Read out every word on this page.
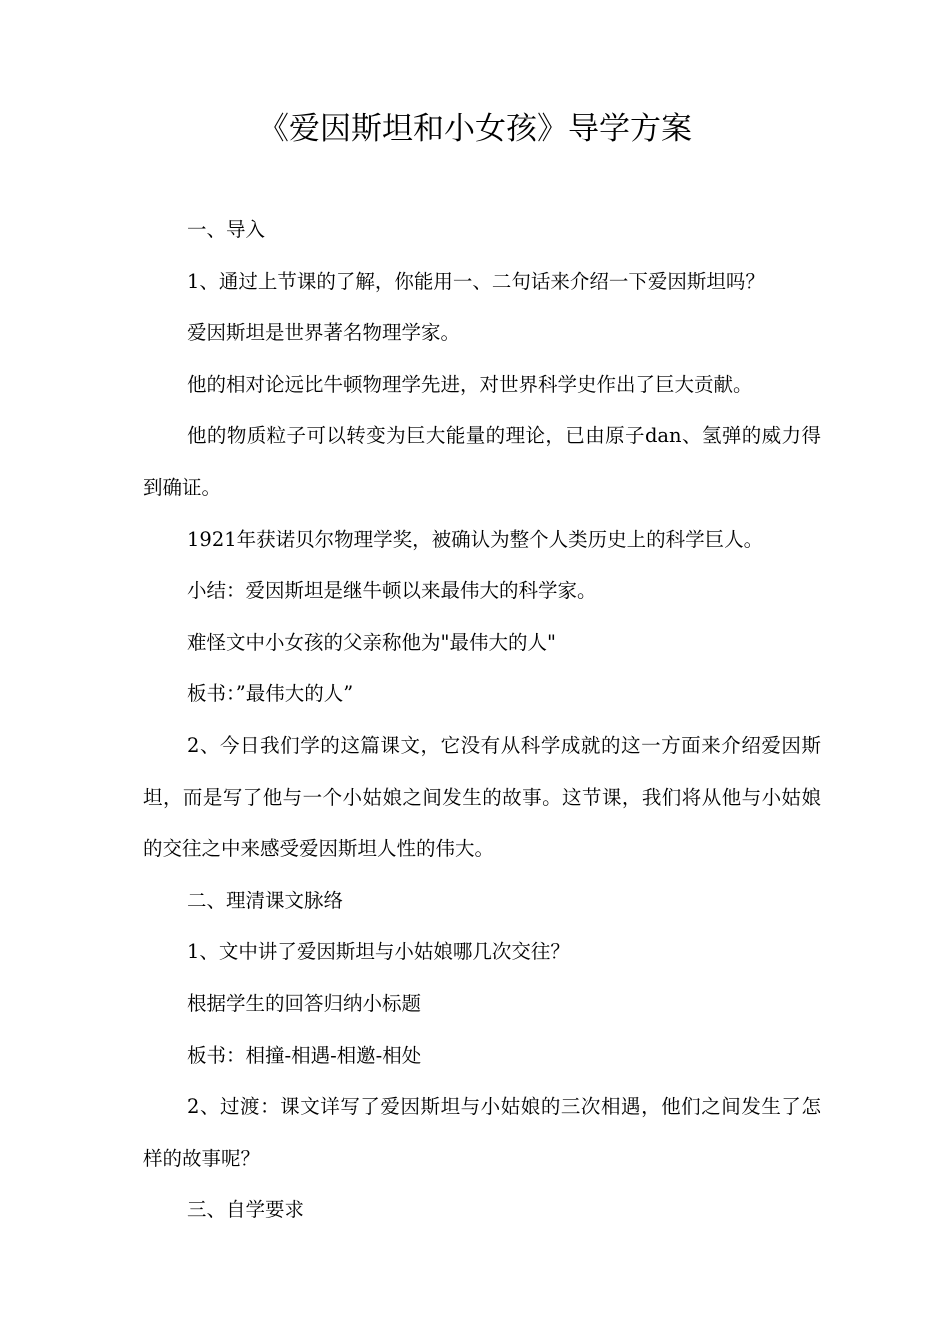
《爱因斯坦和小女孩》导学方案

一、导入

1、通过上节课的了解，你能用一、二句话来介绍一下爱因斯坦吗？

爱因斯坦是世界著名物理学家。

他的相对论远比牛顿物理学先进，对世界科学史作出了巨大贡献。

他的物质粒子可以转变为巨大能量的理论，已由原子dan、氢弹的威力得到确证。

1921年获诺贝尔物理学奖，被确认为整个人类历史上的科学巨人。

小结：爱因斯坦是继牛顿以来最伟大的科学家。

难怪文中小女孩的父亲称他为"最伟大的人"

板书：”最伟大的人”

2、今日我们学的这篇课文，它没有从科学成就的这一方面来介绍爱因斯坦，而是写了他与一个小姑娘之间发生的故事。这节课，我们将从他与小姑娘的交往之中来感受爱因斯坦人性的伟大。

二、理清课文脉络

1、文中讲了爱因斯坦与小姑娘哪几次交往？

根据学生的回答归纳小标题

板书：相撞-相遇-相邀-相处

2、过渡：课文详写了爱因斯坦与小姑娘的三次相遇，他们之间发生了怎样的故事呢？

三、自学要求
